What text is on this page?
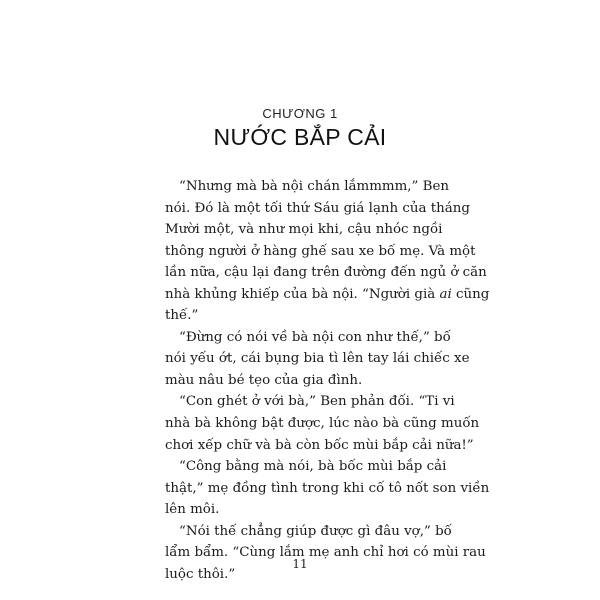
CHƯƠNG 1
NƯỚC BẮP CẢI
“Nhưng mà bà nội chán lắmmmm,” Ben
nói. Đó là một tối thứ Sáu giá lạnh của tháng
Mười một, và như mọi khi, cậu nhóc ngồi
thông người ở hàng ghế sau xe bố mẹ. Và một
lần nữa, cậu lại đang trên đường đến ngủ ở căn
nhà khủng khiếp của bà nội. “Người già ai cũng
thế.”
“Đừng có nói về bà nội con như thế,” bố
nói yếu ớt, cái bụng bia tì lên tay lái chiếc xe
màu nâu bé tẹo của gia đình.
“Con ghét ở với bà,” Ben phản đối. “Ti vi
nhà bà không bật được, lúc nào bà cũng muốn
chơi xếp chữ và bà còn bốc mùi bắp cải nữa!”
“Công bằng mà nói, bà bốc mùi bắp cải
thật,” mẹ đồng tình trong khi cố tô nốt son viền
lên môi.
“Nói thế chẳng giúp được gì đâu vợ,” bố
lẩm bẩm. “Cùng lắm mẹ anh chỉ hơi có mùi rau
luộc thôi.”
11
